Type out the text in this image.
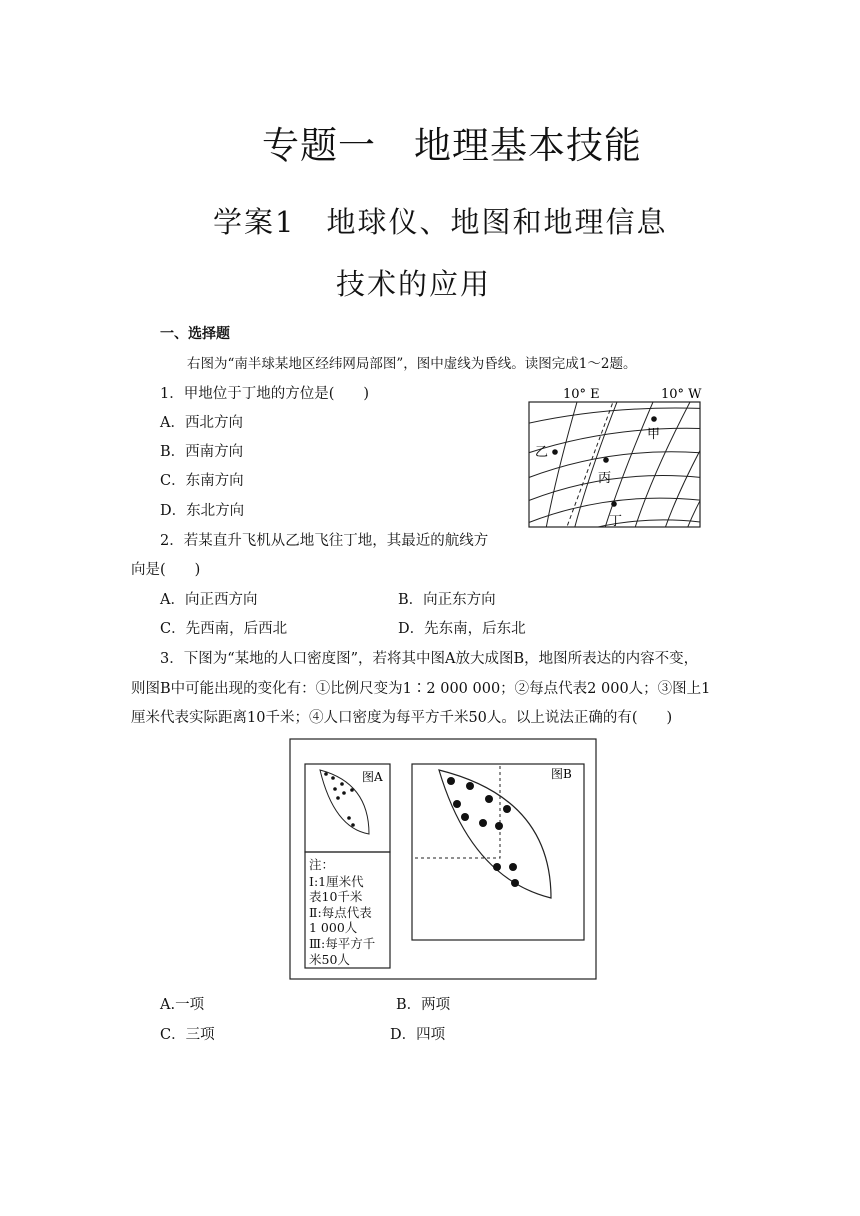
专题一　地理基本技能
学案1　地球仪、地图和地理信息
技术的应用
一、选择题
右图为“南半球某地区经纬网局部图”，图中虚线为昏线。读图完成1～2题。
1．甲地位于丁地的方位是(　　)
A．西北方向
B．西南方向
C．东南方向
D．东北方向
2．若某直升飞机从乙地飞往丁地，其最近的航线方
向是(　　)
A．向正西方向	B．向正东方向
C．先西南，后西北	D．先东南，后东北
3．下图为“某地的人口密度图”，若将其中图A放大成图B，地图所表达的内容不变，
则图B中可能出现的变化有：①比例尺变为1∶2 000 000；②每点代表2 000人；③图上1
厘米代表实际距离10千米；④人口密度为每平方千米50人。以上说法正确的有(　　)
A.一项	B．两项
C．三项	D．四项
10° E	10° W
甲
乙
丙
丁
图A
注：
Ⅰ:1厘米代
表10千米
Ⅱ:每点代表
1 000人
Ⅲ:每平方千
米50人
图B
